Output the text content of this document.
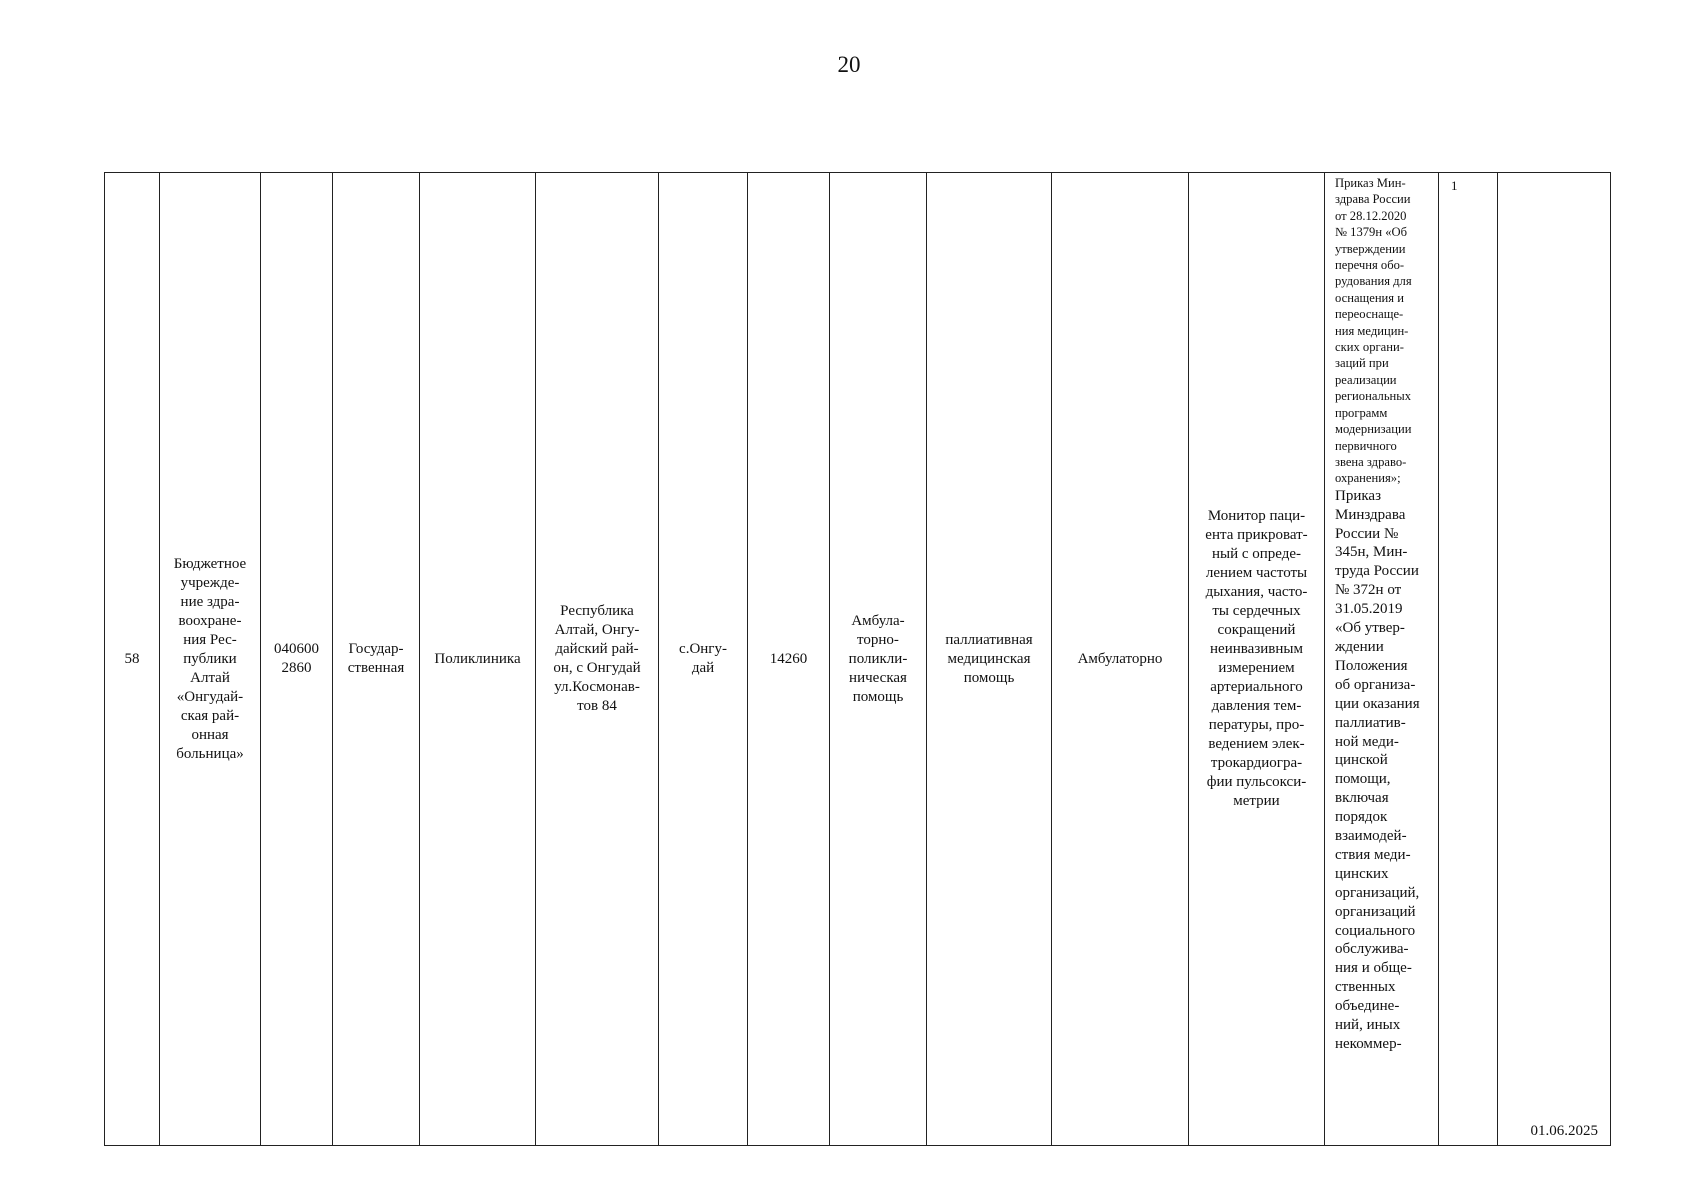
20
58	Бюджетное
учрежде-
ние здра-
воохране-
ния Рес-
публики
Алтай
«Онгудай-
ская рай-
онная
больница»	040600
2860	Государ-
ственная	Поликлиника	Республика
Алтай, Онгу-
дайский рай-
он, с Онгудай
ул.Космонав-
тов 84	с.Онгу-
дай	14260	Амбула-
торно-
поликли-
ническая
помощь	паллиативная
медицинская
помощь	Амбулаторно	Монитор паци-
ента прикроват-
ный с опреде-
лением частоты
дыхания, часто-
ты сердечных
сокращений
неинвазивным
измерением
артериального
давления тем-
пературы, про-
ведением элек-
трокардиогра-
фии пульсокси-
метрии	
Приказ Мин-
здрава России
от 28.12.2020
№ 1379н «Об
утверждении
перечня обо-
рудования для
оснащения и
переоснаще-
ния медицин-
ских органи-
заций при
реализации
региональных
программ
модернизации
первичного
звена здраво-
охранения»;
Приказ
Минздрава
России №
345н, Мин-
труда России
№ 372н от
31.05.2019
«Об утвер-
ждении
Положения
об организа-
ции оказания
паллиатив-
ной меди-
цинской
помощи,
включая
порядок
взаимодей-
ствия меди-
цинских
организаций,
организаций
социального
обслужива-
ния и обще-
ственных
объедине-
ний, иных
некоммер-
	1	01.06.2025
